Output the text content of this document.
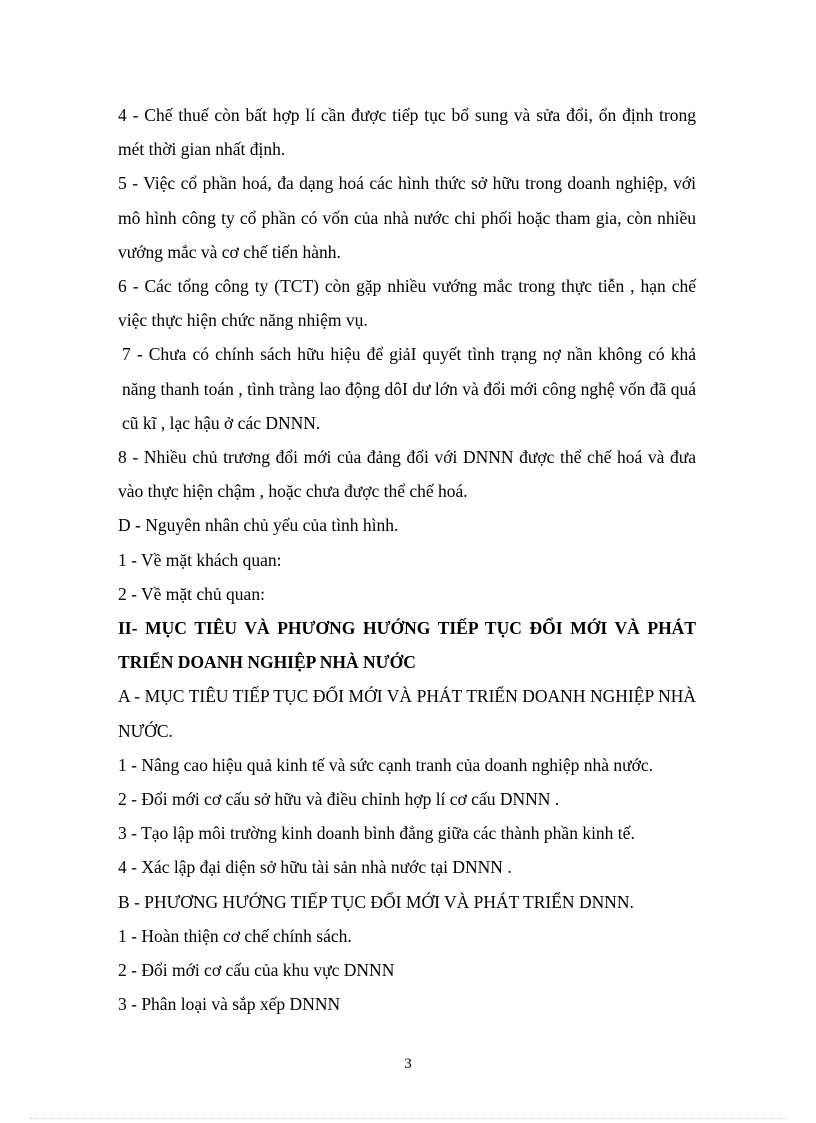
4 - Chế thuế còn bất hợp lí cần được tiếp tục bổ sung và sửa đổi, ổn định trong mét thời gian nhất định.

5 - Việc cổ phần hoá, đa dạng hoá các hình thức sở hữu trong doanh nghiệp, với mô hình công ty cổ phần có vốn của nhà nước chi phối hoặc tham gia, còn nhiều vướng mắc và cơ chế tiến hành.

6 - Các tổng công ty (TCT) còn gặp nhiều vướng mắc trong thực tiễn , hạn chế việc thực hiện chức năng nhiệm vụ.

7 - Chưa có chính sách hữu hiệu để giảI quyết tình trạng nợ nần không có khả năng thanh toán , tình tràng lao động dôI dư lớn và đổi mới công nghệ vốn đã quá cũ kĩ , lạc hậu ở các DNNN.

8 - Nhiều chủ trương đổi mới của đảng đối với DNNN được thể chế hoá và đưa vào thực hiện chậm , hoặc chưa được thể chế hoá.

D - Nguyên nhân chủ yếu của tình hình.

1 - Về mặt khách quan:

2 - Về mặt chủ quan:

II- MỤC TIÊU VÀ PHƯƠNG HƯỚNG TIẾP TỤC ĐỔI MỚI VÀ PHÁT TRIỂN DOANH NGHIỆP NHÀ NƯỚC

A - MỤC TIÊU TIẾP TỤC ĐỔI MỚI VÀ PHÁT TRIỂN DOANH NGHIỆP NHÀ NƯỚC.

1 - Nâng cao hiệu quả kinh tế và sức cạnh tranh của doanh nghiệp nhà nước.

2 - Đổi mới cơ cấu sở hữu và điều chỉnh hợp lí cơ cấu DNNN .

3 - Tạo lập môi trường kinh doanh bình đẳng giữa các thành phần kinh tế.

4 - Xác lập đại diện sở hữu tài sản nhà nước tại DNNN .

B - PHƯƠNG HƯỚNG TIẾP TỤC ĐỔI MỚI VÀ PHÁT TRIỂN DNNN.

1 - Hoàn thiện cơ chế chính sách.

2 - Đổi mới cơ cấu của khu vực DNNN

3 - Phân loại và sắp xếp DNNN

3
